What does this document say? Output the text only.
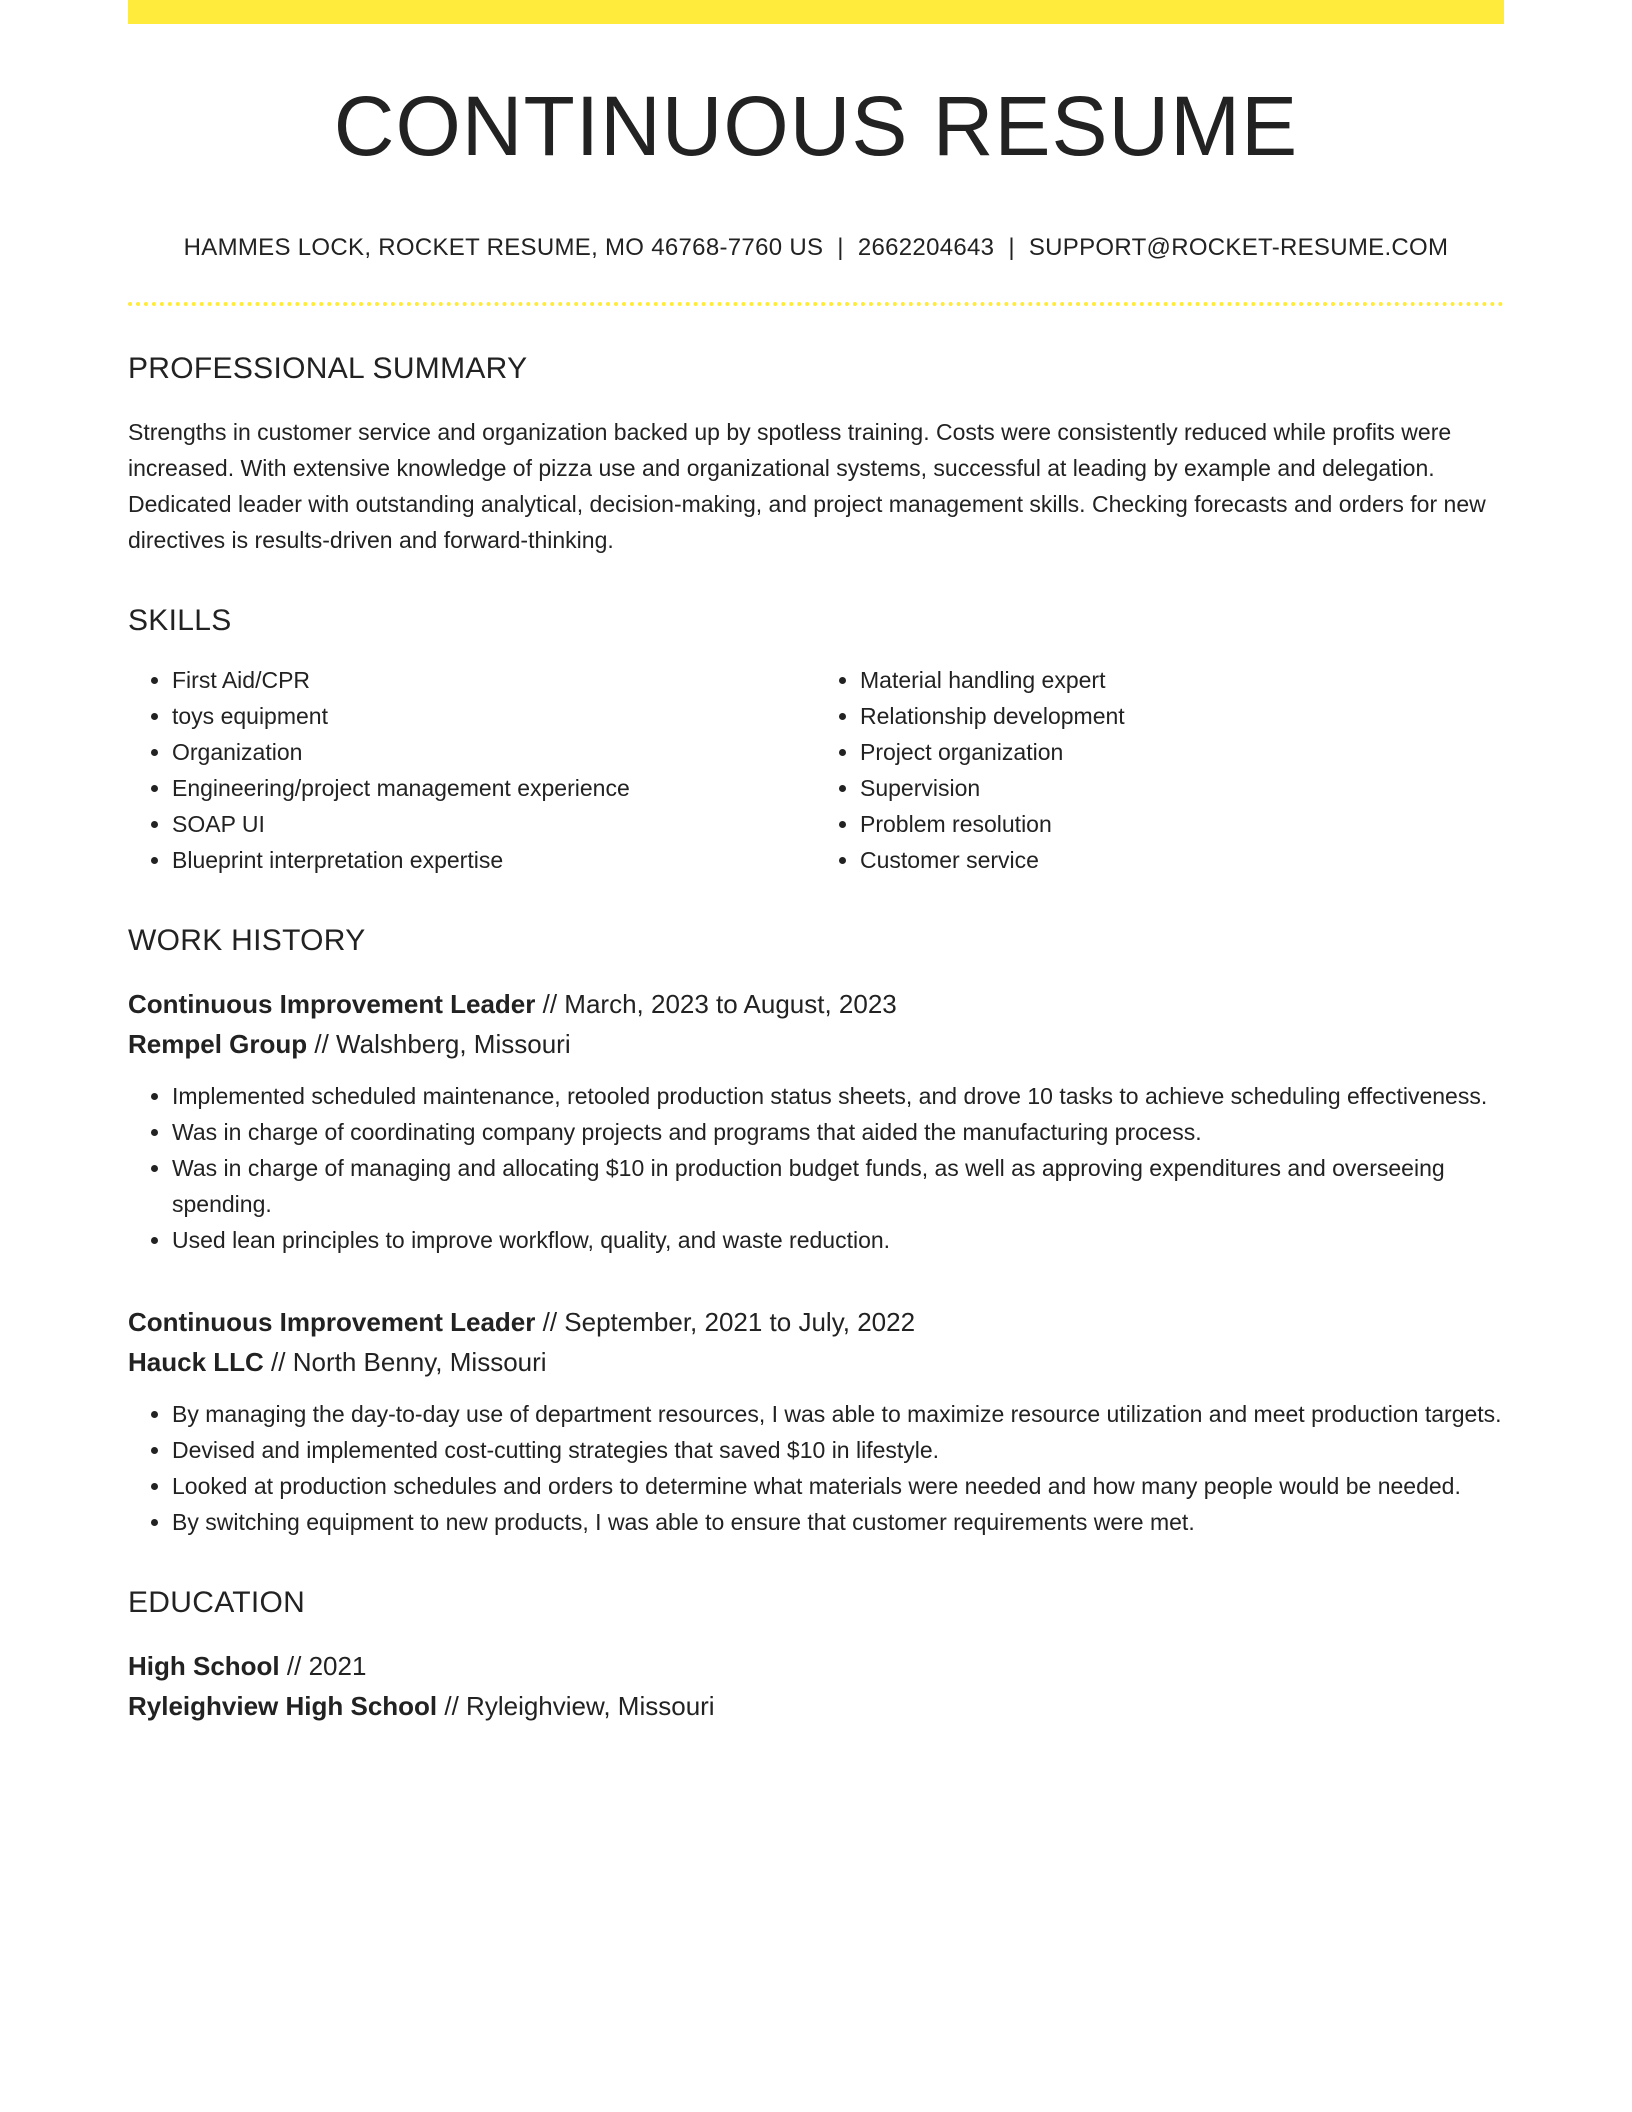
CONTINUOUS RESUME
HAMMES LOCK, ROCKET RESUME, MO 46768-7760 US | 2662204643 | SUPPORT@ROCKET-RESUME.COM
PROFESSIONAL SUMMARY
Strengths in customer service and organization backed up by spotless training. Costs were consistently reduced while profits were increased. With extensive knowledge of pizza use and organizational systems, successful at leading by example and delegation. Dedicated leader with outstanding analytical, decision-making, and project management skills. Checking forecasts and orders for new directives is results-driven and forward-thinking.
SKILLS
• First Aid/CPR
• toys equipment
• Organization
• Engineering/project management experience
• SOAP UI
• Blueprint interpretation expertise
• Material handling expert
• Relationship development
• Project organization
• Supervision
• Problem resolution
• Customer service
WORK HISTORY
Continuous Improvement Leader // March, 2023 to August, 2023
Rempel Group // Walshberg, Missouri
• Implemented scheduled maintenance, retooled production status sheets, and drove 10 tasks to achieve scheduling effectiveness.
• Was in charge of coordinating company projects and programs that aided the manufacturing process.
• Was in charge of managing and allocating $10 in production budget funds, as well as approving expenditures and overseeing spending.
• Used lean principles to improve workflow, quality, and waste reduction.
Continuous Improvement Leader // September, 2021 to July, 2022
Hauck LLC // North Benny, Missouri
• By managing the day-to-day use of department resources, I was able to maximize resource utilization and meet production targets.
• Devised and implemented cost-cutting strategies that saved $10 in lifestyle.
• Looked at production schedules and orders to determine what materials were needed and how many people would be needed.
• By switching equipment to new products, I was able to ensure that customer requirements were met.
EDUCATION
High School // 2021
Ryleighview High School // Ryleighview, Missouri
